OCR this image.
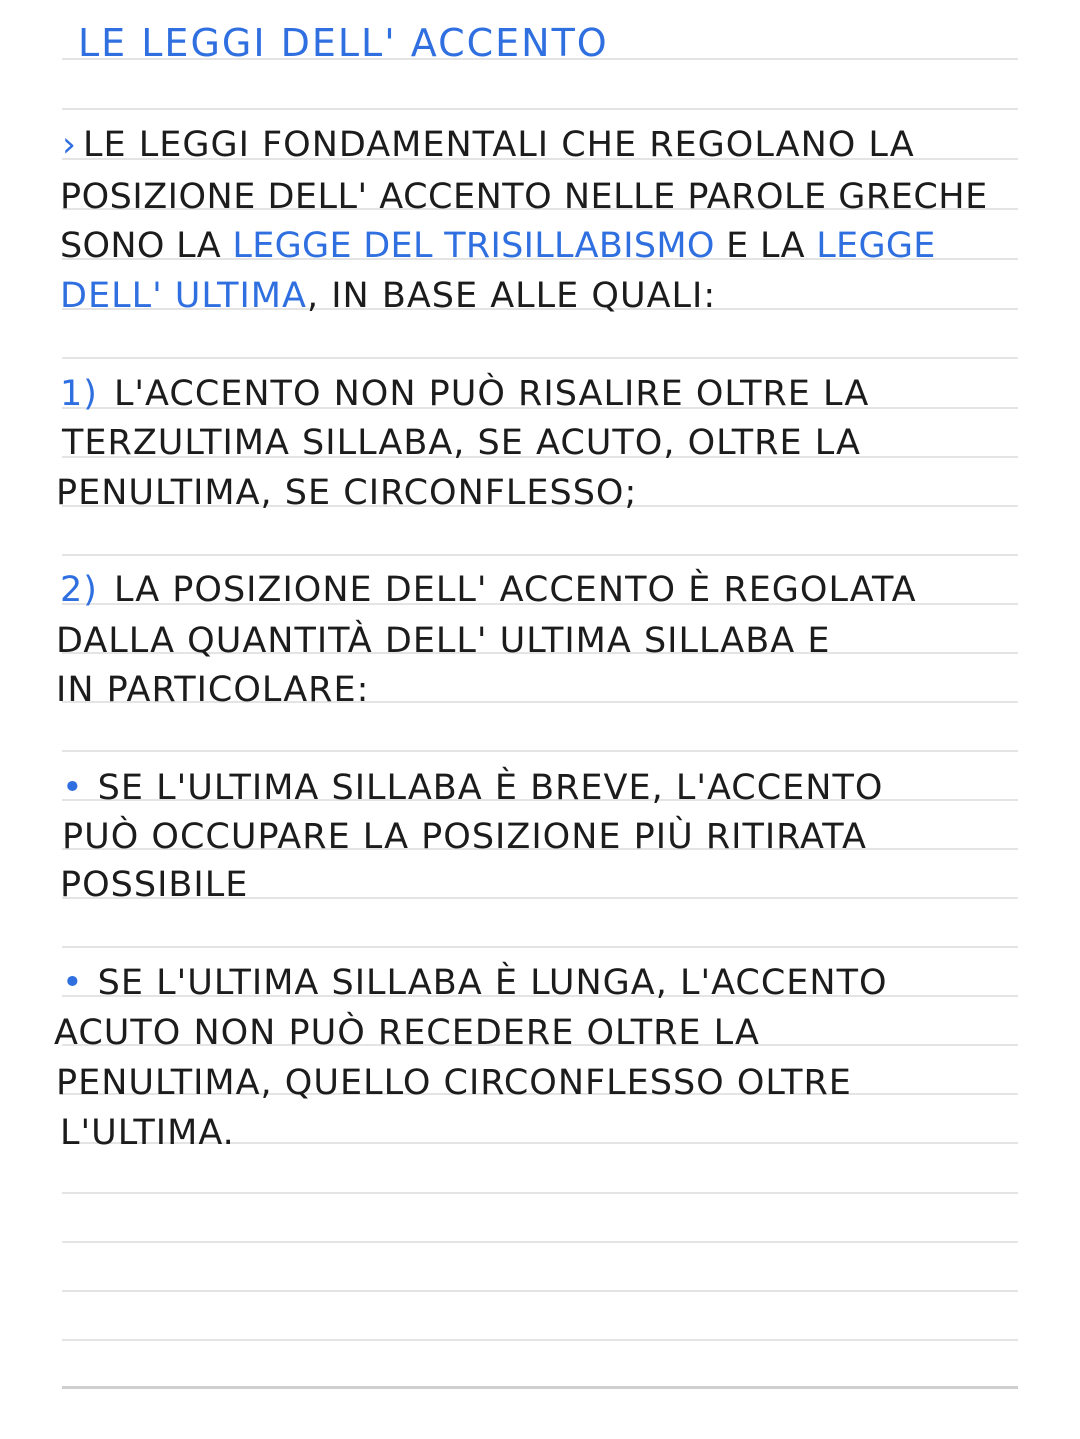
LE LEGGI DELL' ACCENTO
› LE LEGGI FONDAMENTALI CHE REGOLANO LA
POSIZIONE DELL' ACCENTO NELLE PAROLE GRECHE
SONO LA LEGGE DEL TRISILLABISMO E LA LEGGE
DELL' ULTIMA, IN BASE ALLE QUALI:
1) L'ACCENTO NON PUÒ RISALIRE OLTRE LA
TERZULTIMA SILLABA, SE ACUTO, OLTRE LA
PENULTIMA, SE CIRCONFLESSO;
2) LA POSIZIONE DELL' ACCENTO È REGOLATA
DALLA QUANTITÀ DELL' ULTIMA SILLABA E
IN PARTICOLARE:
• SE L'ULTIMA SILLABA È BREVE, L'ACCENTO
PUÒ OCCUPARE LA POSIZIONE PIÙ RITIRATA
POSSIBILE
• SE L'ULTIMA SILLABA È LUNGA, L'ACCENTO
ACUTO NON PUÒ RECEDERE OLTRE LA
PENULTIMA, QUELLO CIRCONFLESSO OLTRE
L'ULTIMA.
